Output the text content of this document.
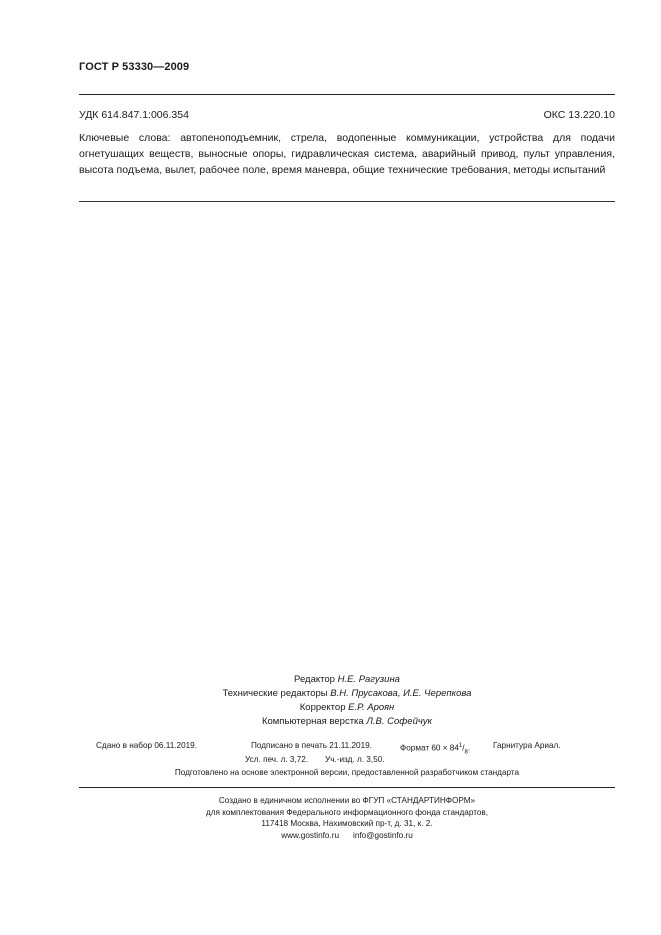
ГОСТ Р 53330—2009
УДК 614.847.1:006.354	ОКС 13.220.10
Ключевые слова: автопеноподъемник, стрела, водопенные коммуникации, устройства для подачи огнетушащих веществ, выносные опоры, гидравлическая система, аварийный привод, пульт управления, высота подъема, вылет, рабочее поле, время маневра, общие технические требования, методы испытаний
Редактор Н.Е. Рагузина
Технические редакторы В.Н. Прусакова, И.Е. Черепкова
Корректор Е.Р. Ароян
Компьютерная верстка Л.В. Софейчук
Сдано в набор 06.11.2019.	Подписано в печать 21.11.2019.	Формат $60 \times 84^1/_8$.	Гарнитура Ариал.
Усл. печ. л. 3,72. Уч.-изд. л. 3,50.
Подготовлено на основе электронной версии, предоставленной разработчиком стандарта
Создано в единичном исполнении во ФГУП «СТАНДАРТИНФОРМ»
для комплектования Федерального информационного фонда стандартов,
117418 Москва, Нахимовский пр-т, д. 31, к. 2.
www.gostinfo.ru info@gostinfo.ru
